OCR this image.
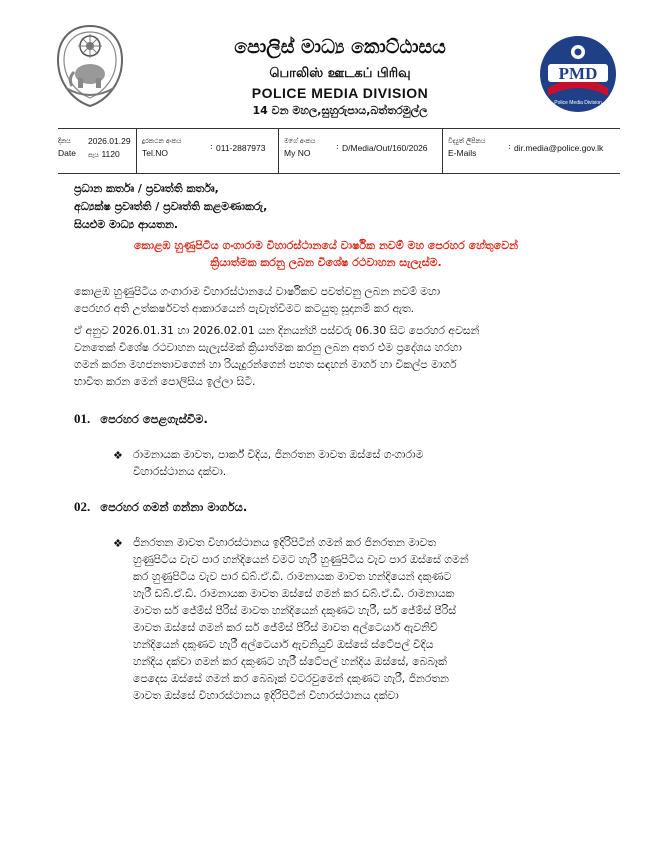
පොලිස් මාධ්‍ය කොට්ඨාසය
பொலிஸ் ஊடகப் பிரிவு
POLICE MEDIA DIVISION
14 වන මහල,සුහුරුපාය,බත්තරමුල්ල
PMD
Police Media Division
දිනය
Date
2026.01.29
පැය 1120
දුරකථන අංකය
Tel.NO
: 011-2887973
මගේ අංකය
My NO
: D/Media/Out/160/2026
විද්‍යුත් ලිපිනය
E-Mails
: dir.media@police.gov.lk
ප්‍රධාන කර්තෘ / ප්‍රවෘත්ති කර්තෘ,
අධ්‍යක්ෂ ප්‍රවෘත්ති / ප්‍රවෘත්ති කළමණාකරු,
සියළුම මාධ්‍ය ආයතන.
කොළඹ හුණුපිටිය ගංගාරාම විහාරස්ථානයේ වාර්ෂික නවම් මහ පෙරහර හේතුවෙන්
ක්‍රියාත්මක කරනු ලබන විශේෂ රථවාහන සැලැස්ම.
කොළඹ හුණුපිටිය ගංගාරාම විහාරස්ථානයේ වාර්ෂිකව පවත්වනු ලබන නවම් මහා
පෙරහර අති උත්කර්ෂවත් ආකාරයෙන් පැවැත්වීමට කටයුතු සූදානම් කර ඇත.
ඒ අනුව 2026.01.31 හා 2026.02.01 යන දිනයන්හි පස්වරු 06.30 සිට පෙරහර අවසන්
වනතෙක් විශේෂ රථවාහන සැලැස්මක් ක්‍රියාත්මක කරනු ලබන අතර එම ප්‍රදේශය හරහා
ගමන් කරන මහජනතාවගෙන් හා රියැදුරන්ගෙන් පහත සඳහන් මාර්ග හා විකල්ප මාර්ග
භාවිත කරන මෙන් පොලිසිය ඉල්ලා සිටී.
01. පෙරහර පෙළගැස්වීම.
❖ රාමනායක මාවත, පාර්ක් වීදිය, ජිනරතන මාවත ඔස්සේ ගංගාරාම
විහාරස්ථානය දක්වා.
02. පෙරහර ගමන් ගන්නා මාර්ගය.
❖ ජිනරතන මාවත විහාරස්ථානය ඉදිරිපිටින් ගමන් කර ජිනරතන මාවත
හුණුපිටිය වැව පාර හන්දියෙන් වමට හැරී හුණුපිටිය වැව පාර ඔස්සේ ගමන්
කර හුණුපිටිය වැව පාර ඩබ්.ඒ.ඩී. රාමනායක මාවත හන්දියෙන් දකුණට
හැරී ඩබ්.ඒ.ඩී. රාමනායක මාවත ඔස්සේ ගමන් කර ඩබ්.ඒ.ඩී. රාමනායක
මාවත සර් ජේම්ස් පීරිස් මාවත හන්දියෙන් දකුණට හැරී, සර් ජේම්ස් පීරිස්
මාවත ඔස්සේ ගමන් කර සර් ජේම්ස් පීරිස් මාවත අල්ටෙයාර් ඇවනිව්
හන්දියෙන් දකුණට හැරී අල්ටෙයාර් ඇවනියුව් ඔස්සේ ස්ටේපල් වීදිය
හන්දිය දක්වා ගමන් කර දකුණට හැරී ස්ටේපල් හන්දිය ඔස්සේ, බෙබෑක්
පෙදෙස ඔස්සේ ගමන් කර බෙබෑක් වටරවුමෙන් දකුණට හැරී, ජිනරතන
මාවත ඔස්සේ විහාරස්ථානය ඉදිරිපිටින් විහාරස්ථානය දක්වා
